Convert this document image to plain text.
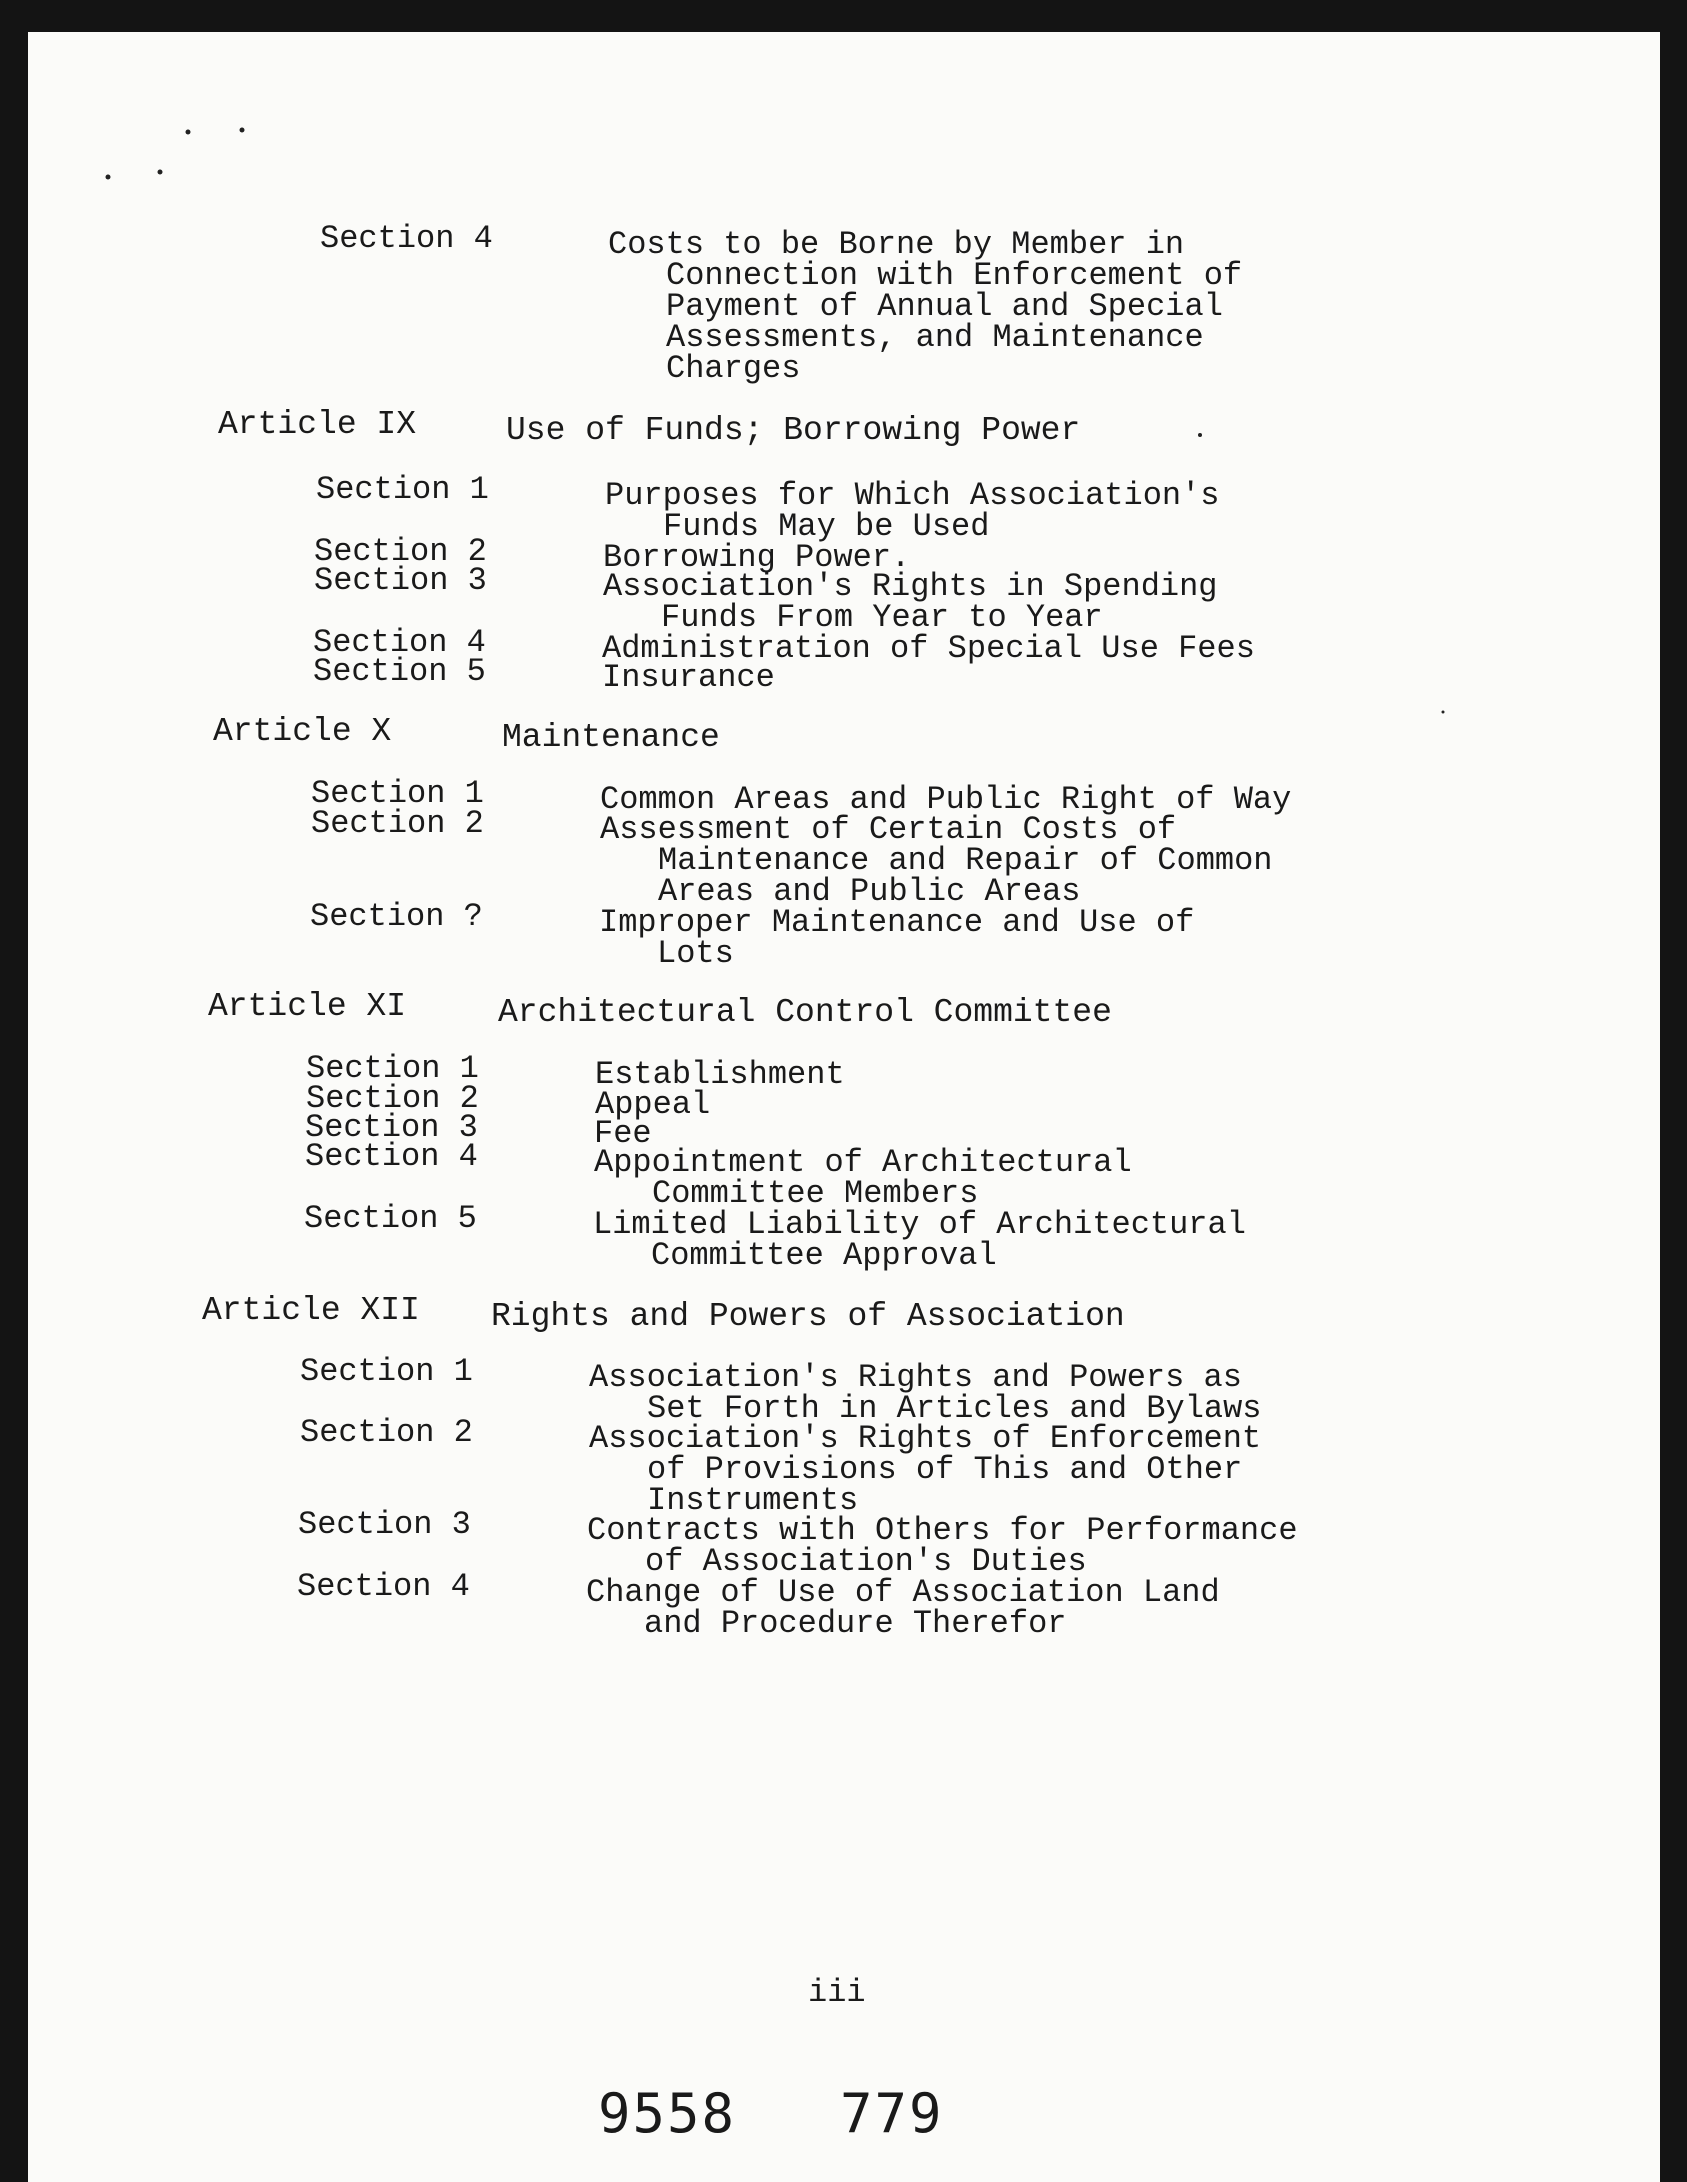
Section 4	Costs to be Borne by Member in
Connection with Enforcement of
Payment of Annual and Special
Assessments, and Maintenance
Charges
Article IX	Use of Funds; Borrowing Power
Section 1	Purposes for Which Association's
Funds May be Used
Section 2	Borrowing Power.
Section 3	Association's Rights in Spending
Funds From Year to Year
Section 4	Administration of Special Use Fees
Section 5	Insurance
Article X	Maintenance
Section 1	Common Areas and Public Right of Way
Section 2	Assessment of Certain Costs of
Maintenance and Repair of Common
Areas and Public Areas
Section ?	Improper Maintenance and Use of
Lots
Article XI	Architectural Control Committee
Section 1	Establishment
Section 2	Appeal
Section 3	Fee
Section 4	Appointment of Architectural
Committee Members
Section 5	Limited Liability of Architectural
Committee Approval
Article XII Rights and Powers of Association
Section 1	Association's Rights and Powers as
Set Forth in Articles and Bylaws
Section 2	Association's Rights of Enforcement
of Provisions of This and Other
Instruments
Section 3	Contracts with Others for Performance
of Association's Duties
Section 4	Change of Use of Association Land
and Procedure Therefor
iii
9558 779
